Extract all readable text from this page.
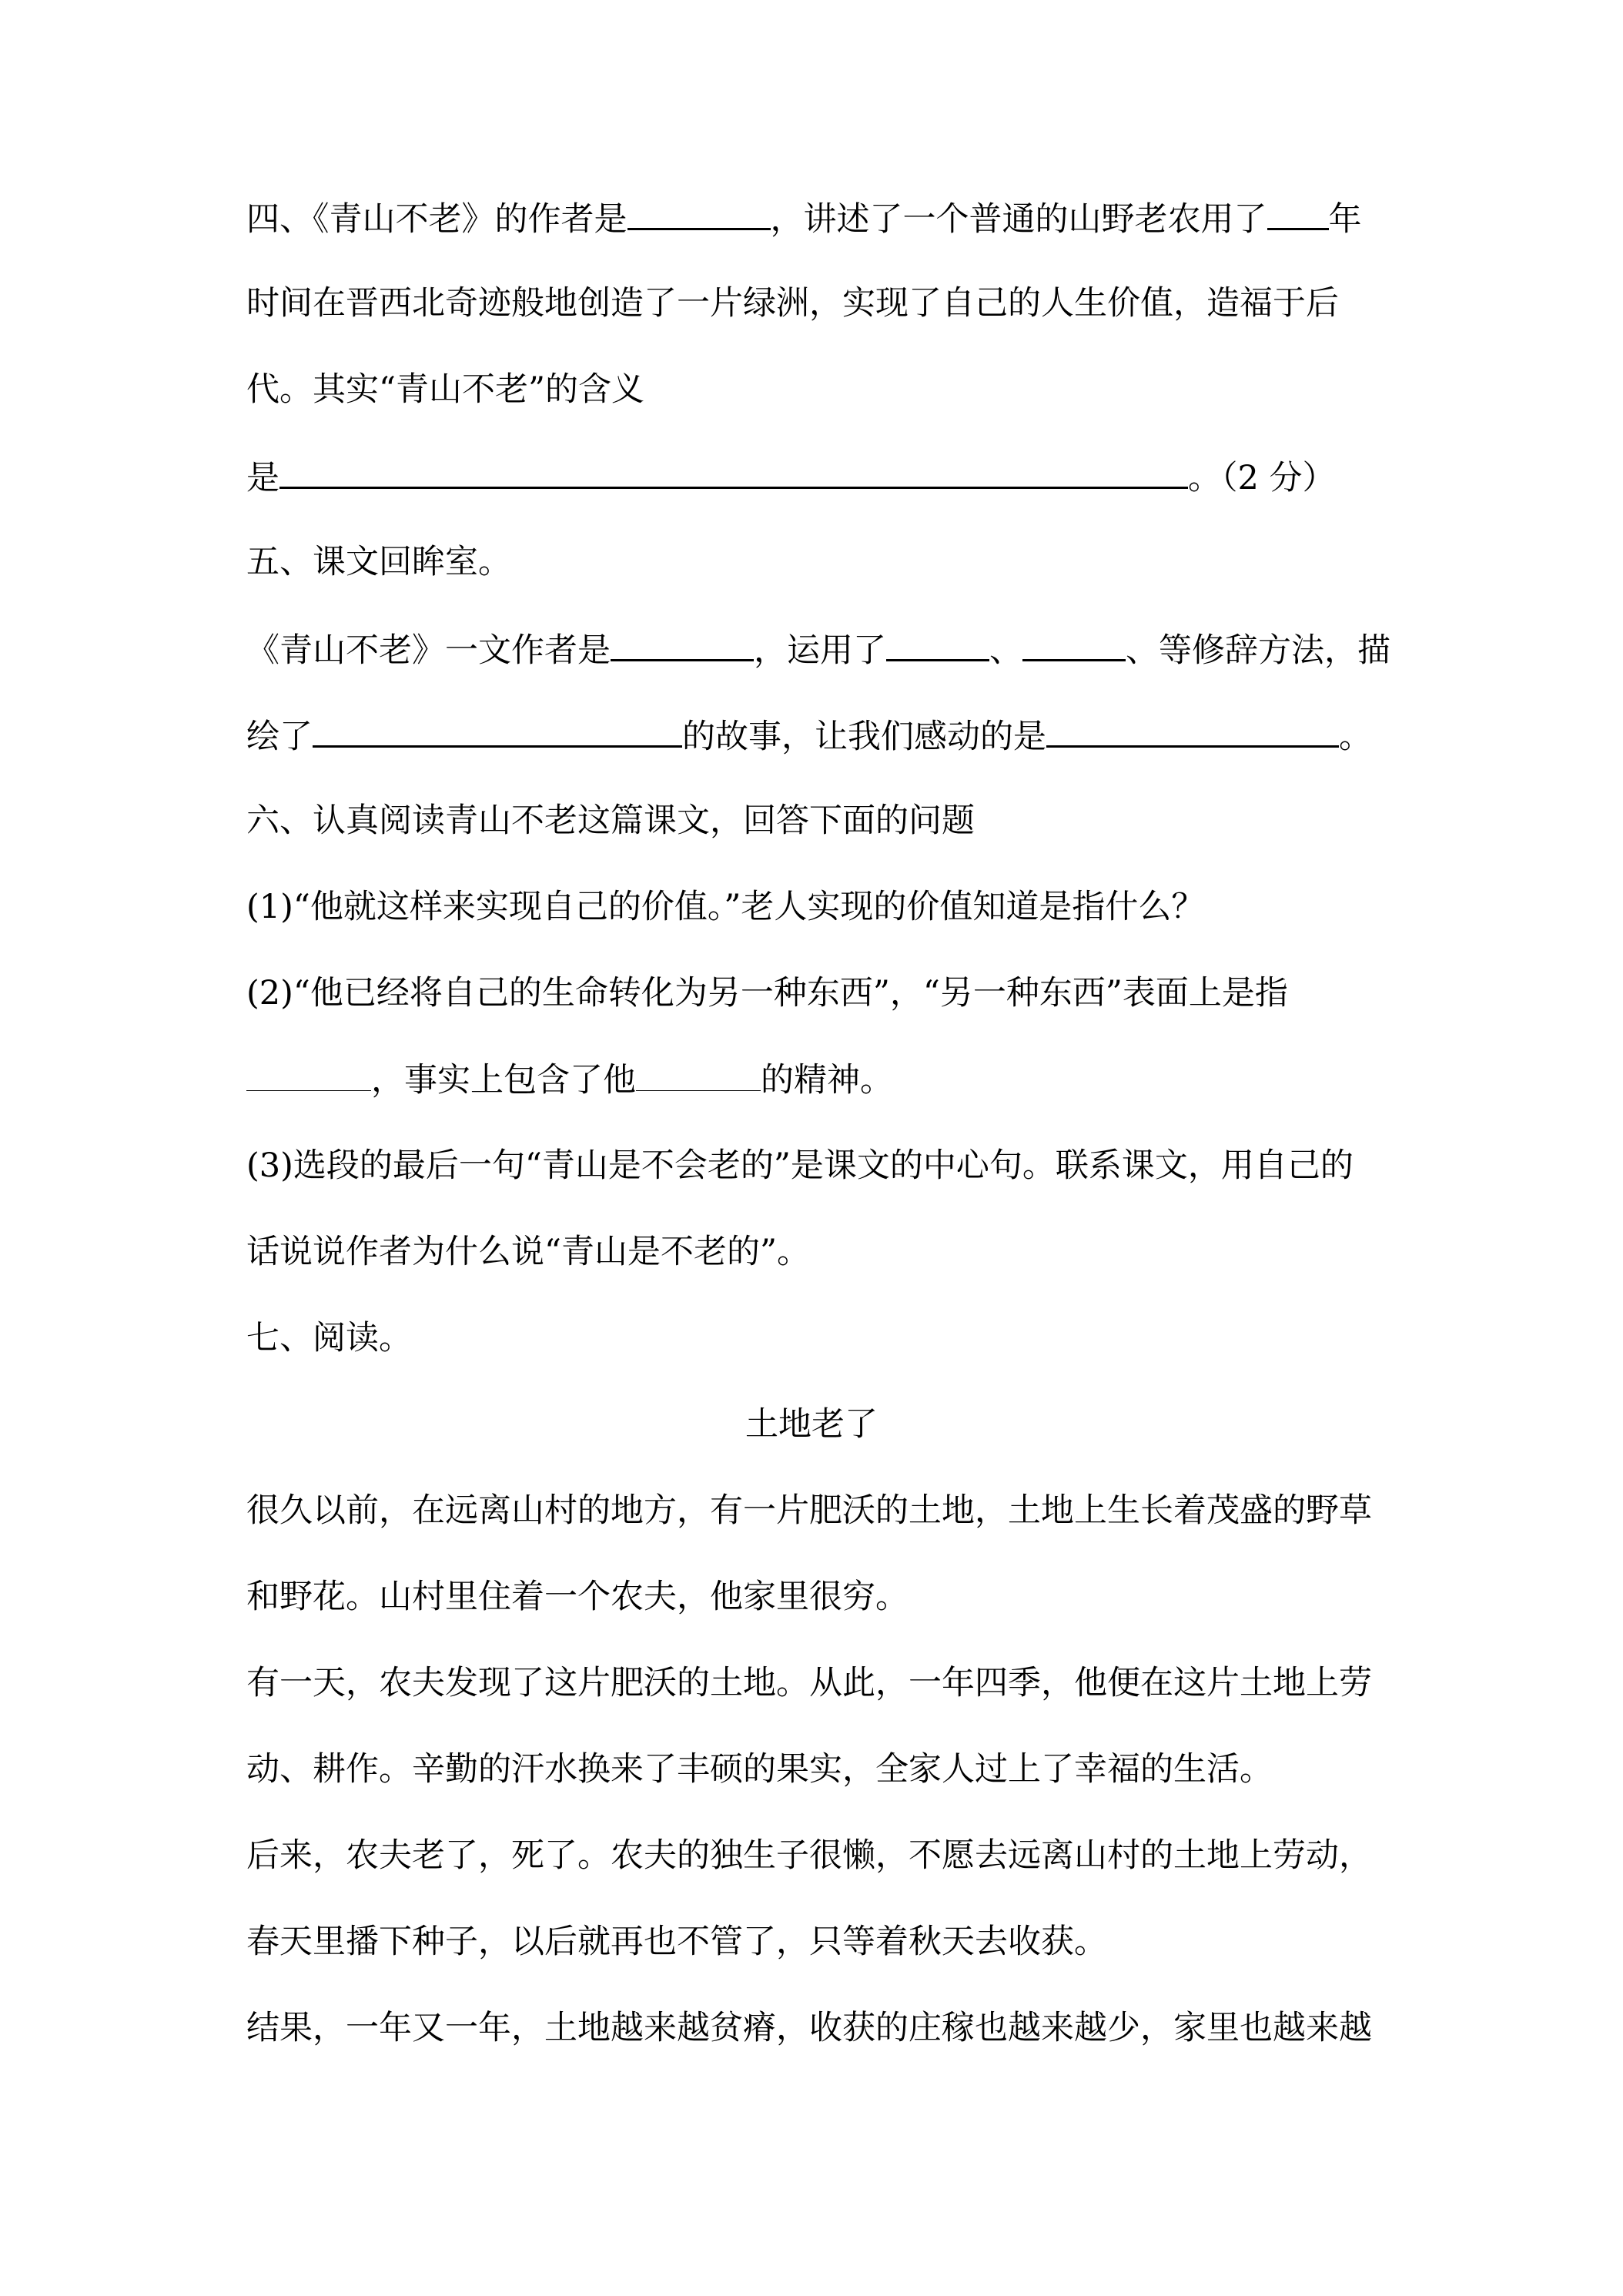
四、《青山不老》的作者是	，讲述了一个普通的山野老农用了 年
时间在晋西北奇迹般地创造了一片绿洲，实现了自己的人生价值，造福于后
代。其实“青山不老”的含义
是	。（2 分）
五、课文回眸室。
《青山不老》一文作者是	，运用了	、	、等修辞方法，描
绘了	的故事，让我们感动的是	。
六、认真阅读青山不老这篇课文，回答下面的问题
(1)“他就这样来实现自己的价值。”老人实现的价值知道是指什么？
(2)“他已经将自己的生命转化为另一种东西”，“另一种东西”表面上是指
，事实上包含了他	的精神。
(3)选段的最后一句“青山是不会老的”是课文的中心句。联系课文，用自己的
话说说作者为什么说“青山是不老的”。
七、阅读。
土地老了
很久以前，在远离山村的地方，有一片肥沃的土地，土地上生长着茂盛的野草
和野花。山村里住着一个农夫，他家里很穷。
有一天，农夫发现了这片肥沃的土地。从此，一年四季，他便在这片土地上劳
动、耕作。辛勤的汗水换来了丰硕的果实，全家人过上了幸福的生活。
后来，农夫老了，死了。农夫的独生子很懒，不愿去远离山村的土地上劳动，
春天里播下种子，以后就再也不管了，只等着秋天去收获。
结果，一年又一年，土地越来越贫瘠，收获的庄稼也越来越少，家里也越来越
